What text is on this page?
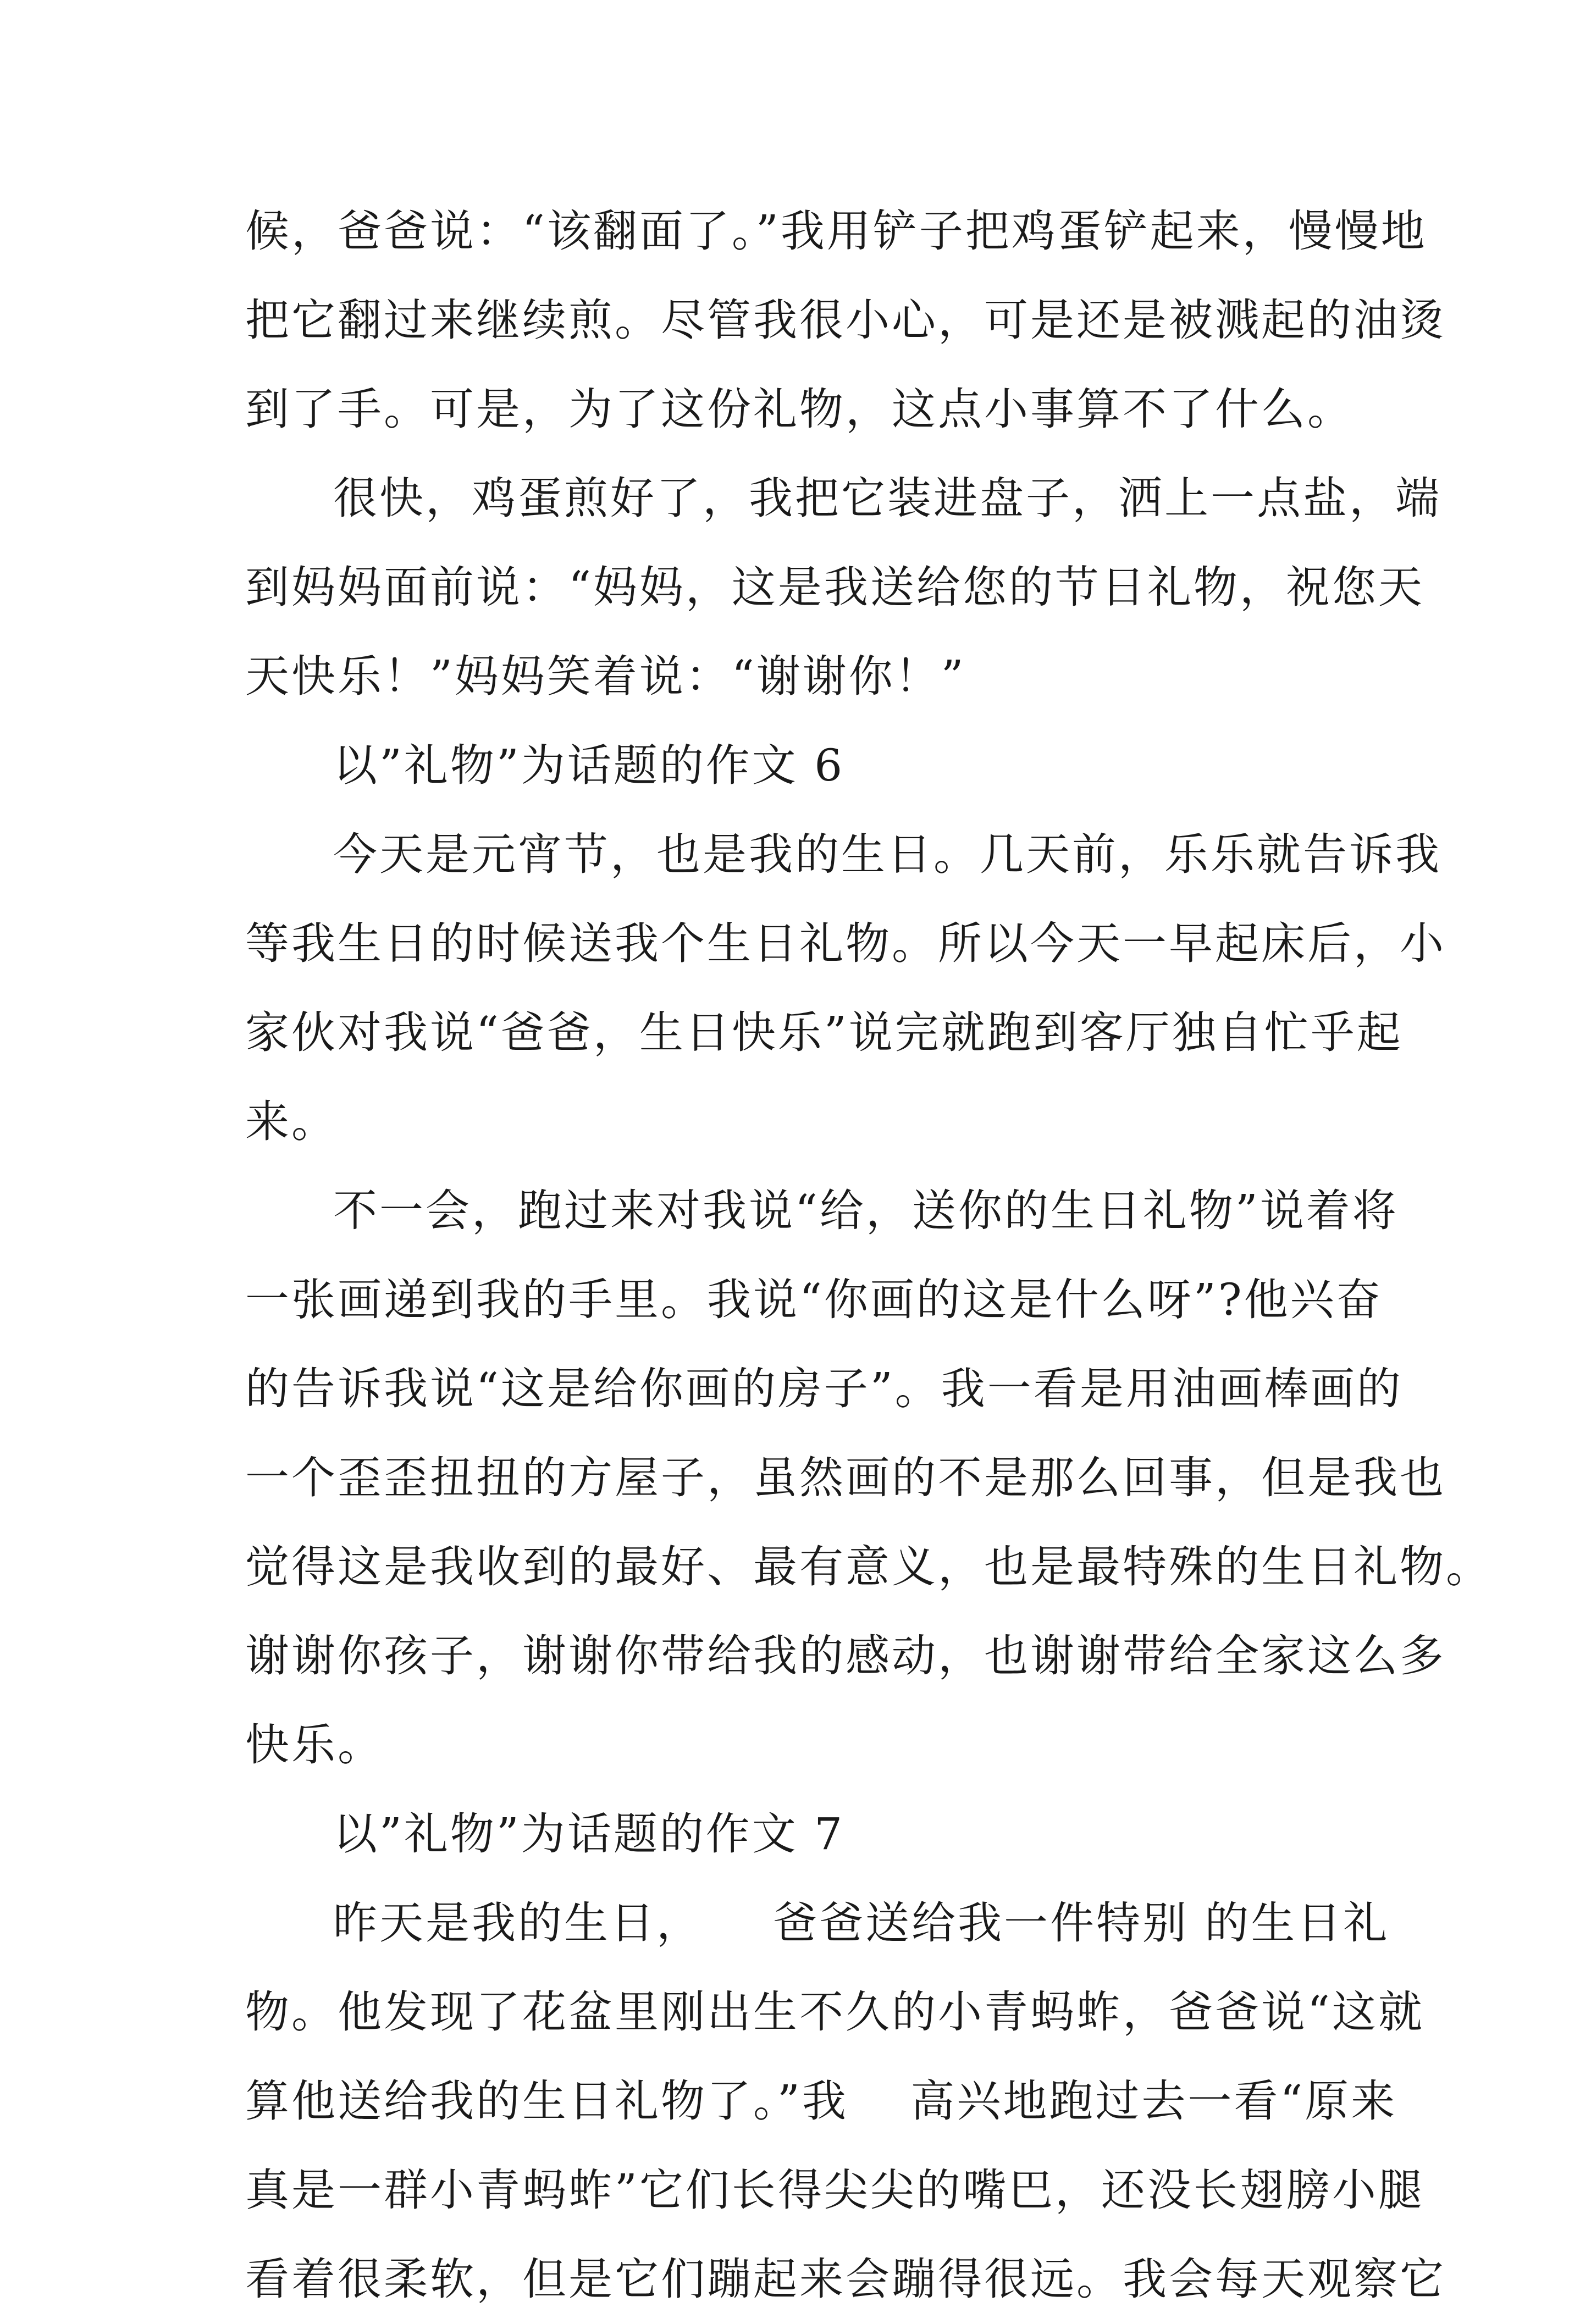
候，爸爸说：“该翻面了。”我用铲子把鸡蛋铲起来，慢慢地
把它翻过来继续煎。尽管我很小心，可是还是被溅起的油烫
到了手。可是，为了这份礼物，这点小事算不了什么。
很快，鸡蛋煎好了，我把它装进盘子，洒上一点盐，端
到妈妈面前说：“妈妈，这是我送给您的节日礼物，祝您天
天快乐！”妈妈笑着说：“谢谢你！”
以”礼物”为话题的作文 6
今天是元宵节，也是我的生日。几天前，乐乐就告诉我
等我生日的时候送我个生日礼物。所以今天一早起床后，小
家伙对我说“爸爸，生日快乐”说完就跑到客厅独自忙乎起
来。
不一会，跑过来对我说“给，送你的生日礼物”说着将
一张画递到我的手里。我说“你画的这是什么呀”?他兴奋
的告诉我说“这是给你画的房子”。我一看是用油画棒画的
一个歪歪扭扭的方屋子，虽然画的不是那么回事，但是我也
觉得这是我收到的最好、最有意义，也是最特殊的生日礼物。
谢谢你孩子，谢谢你带给我的感动，也谢谢带给全家这么多
快乐。
以”礼物”为话题的作文 7
昨天是我的生日，　　爸爸送给我一件特别 的生日礼
物。他发现了花盆里刚出生不久的小青蚂蚱，爸爸说“这就
算他送给我的生日礼物了。”我　 高兴地跑过去一看“原来
真是一群小青蚂蚱”它们长得尖尖的嘴巴，还没长翅膀小腿
看着很柔软，但是它们蹦起来会蹦得很远。我会每天观察它
